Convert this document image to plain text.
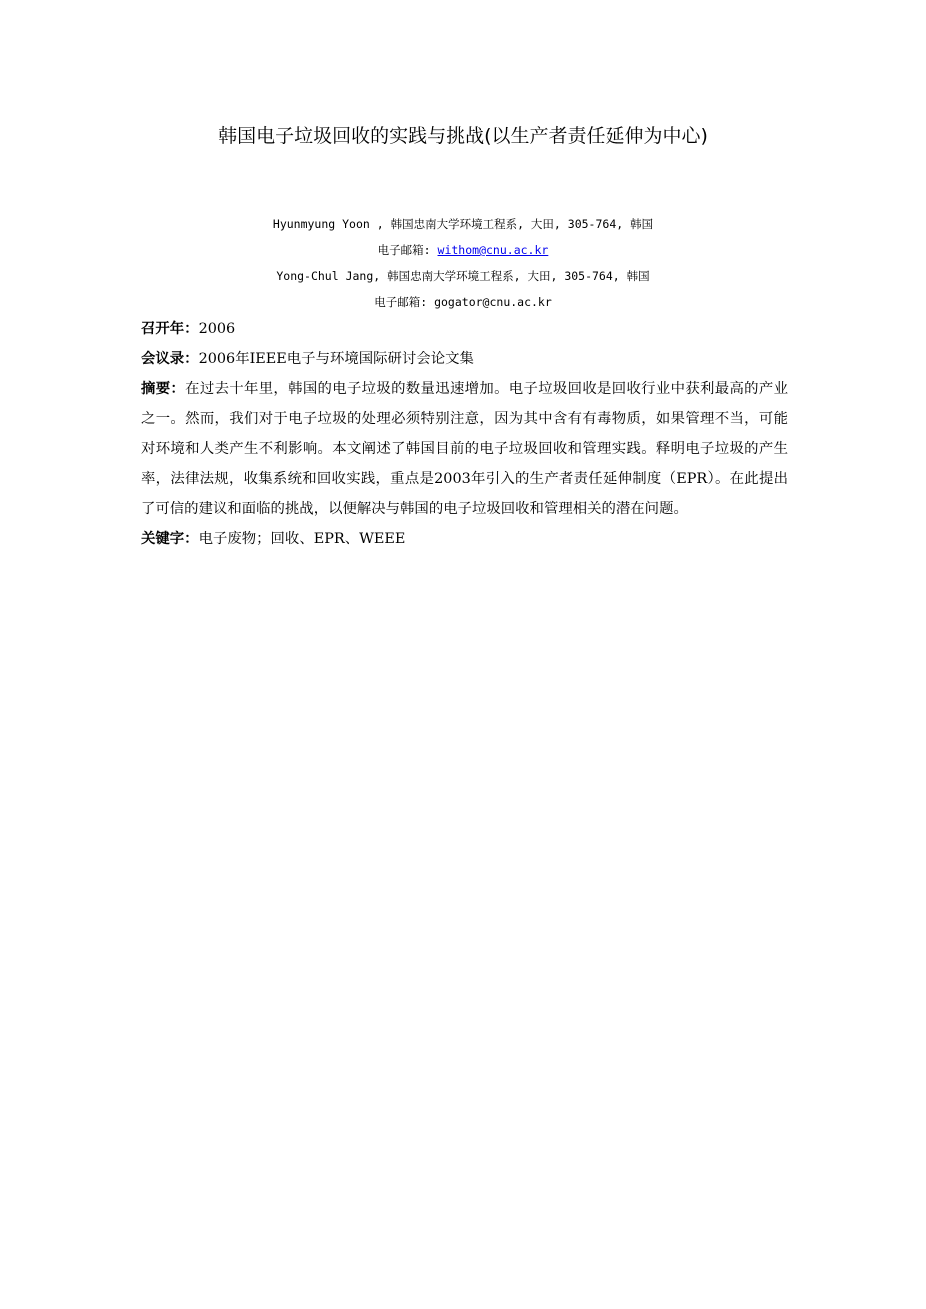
韩国电子垃圾回收的实践与挑战(以生产者责任延伸为中心)
Hyunmyung Yoon , 韩国忠南大学环境工程系, 大田, 305-764, 韩国
电子邮箱: withom@cnu.ac.kr
Yong-Chul Jang, 韩国忠南大学环境工程系, 大田, 305-764, 韩国
电子邮箱: gogator@cnu.ac.kr
召开年：2006
会议录：2006年IEEE电子与环境国际研讨会论文集
摘要：在过去十年里，韩国的电子垃圾的数量迅速增加。电子垃圾回收是回收行业中获利最高的产业之一。然而，我们对于电子垃圾的处理必须特别注意，因为其中含有有毒物质，如果管理不当，可能对环境和人类产生不利影响。本文阐述了韩国目前的电子垃圾回收和管理实践。释明电子垃圾的产生率，法律法规，收集系统和回收实践，重点是2003年引入的生产者责任延伸制度（EPR）。在此提出了可信的建议和面临的挑战，以便解决与韩国的电子垃圾回收和管理相关的潜在问题。
关键字：电子废物；回收、EPR、WEEE
